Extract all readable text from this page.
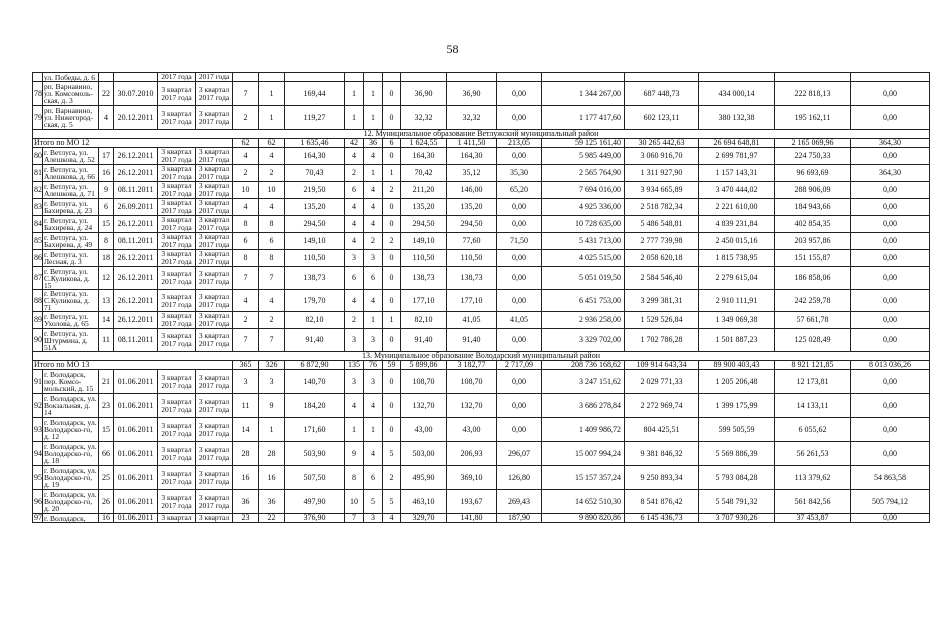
58
	ул. Победы, д. 6			2017 года	2017 года														
78	рп. Варнавино, ул. Комсомоль-ская, д. 3	22	30.07.2010	3 квартал 2017 года	3 квартал 2017 года	7	1	169,44	1	1	0	36,90	36,90	0,00	1 344 267,00	687 448,73	434 000,14	222 818,13	0,00
79	рп. Варнавино, ул. Нижегород-ская, д. 5	4	20.12.2011	3 квартал 2017 года	3 квартал 2017 года	2	1	119,27	1	1	0	32,32	32,32	0,00	1 177 417,60	602 123,11	380 132,38	195 162,11	0,00
12. Муниципальное образование Ветлужский муниципальный район																			
Итого по МО 12						62	62	1 635,46	42	36	6	1 624,55	1 411,50	213,05	59 125 161,40	30 265 442,63	26 694 648,81	2 165 069,96	364,30
80	г. Ветлуга, ул. Алешкова, д. 52	17	26.12.2011	3 квартал 2017 года	3 квартал 2017 года	4	4	164,30	4	4	0	164,30	164,30	0,00	5 985 449,00	3 060 916,70	2 699 781,97	224 750,33	0,00
81	г. Ветлуга, ул. Алешкова, д. 66	16	26.12.2011	3 квартал 2017 года	3 квартал 2017 года	2	2	70,43	2	1	1	70,42	35,12	35,30	2 565 764,90	1 311 927,90	1 157 143,31	96 693,69	364,30
82	г. Ветлуга, ул. Алешкова, д. 71	9	08.11.2011	3 квартал 2017 года	3 квартал 2017 года	10	10	219,50	6	4	2	211,20	146,00	65,20	7 694 016,00	3 934 665,89	3 470 444,02	288 906,09	0,00
83	г. Ветлуга, ул. Бахирева, д. 23	6	26.09.2011	3 квартал 2017 года	3 квартал 2017 года	4	4	135,20	4	4	0	135,20	135,20	0,00	4 925 336,00	2 518 782,34	2 221 610,00	184 943,66	0,00
84	г. Ветлуга, ул. Бахирева, д. 24	15	26.12.2011	3 квартал 2017 года	3 квартал 2017 года	8	8	294,50	4	4	0	294,50	294,50	0,00	10 728 635,00	5 486 548,81	4 839 231,84	402 854,35	0,00
85	г. Ветлуга, ул. Бахирева, д. 49	8	08.11.2011	3 квартал 2017 года	3 квартал 2017 года	6	6	149,10	4	2	2	149,10	77,60	71,50	5 431 713,00	2 777 739,98	2 450 015,16	203 957,86	0,00
86	г. Ветлуга, ул. Лесная, д. 3	18	26.12.2011	3 квартал 2017 года	3 квартал 2017 года	8	8	110,50	3	3	0	110,50	110,50	0,00	4 025 515,00	2 058 620,18	1 815 738,95	151 155,87	0,00
87	г. Ветлуга, ул. С.Куликова, д. 15	12	26.12.2011	3 квартал 2017 года	3 квартал 2017 года	7	7	138,73	6	6	0	138,73	138,73	0,00	5 051 019,50	2 584 546,40	2 279 615,04	186 858,06	0,00
88	г. Ветлуга, ул. С.Куликова, д. 71	13	26.12.2011	3 квартал 2017 года	3 квартал 2017 года	4	4	179,70	4	4	0	177,10	177,10	0,00	6 451 753,00	3 299 381,31	2 910 111,91	242 259,78	0,00
89	г. Ветлуга, ул. Ухолова, д. 65	14	26.12.2011	3 квартал 2017 года	3 квартал 2017 года	2	2	82,10	2	1	1	82,10	41,05	41,05	2 936 258,00	1 529 526,84	1 349 069,38	57 661,78	0,00
90	г. Ветлуга, ул. Штурмина, д. 51А	11	08.11.2011	3 квартал 2017 года	3 квартал 2017 года	7	7	91,40	3	3	0	91,40	91,40	0,00	3 329 702,00	1 702 786,28	1 501 887,23	125 028,49	0,00
13. Муниципальное образование Володарский муниципальный район																			
Итого по МО 13						365	326	6 872,90	135	76	59	5 899,86	3 182,77	2 717,09	208 736 168,62	109 914 643,34	89 900 403,43	8 921 121,85	8 013 036,26
91	г. Володарск, пер. Комсо-мольский, д. 15	21	01.06.2011	3 квартал 2017 года	3 квартал 2017 года	3	3	140,70	3	3	0	108,70	108,70	0,00	3 247 151,62	2 029 771,33	1 205 206,48	12 173,81	0,00
92	г. Володарск, ул. Вокзальная, д. 14	23	01.06.2011	3 квартал 2017 года	3 квартал 2017 года	11	9	184,20	4	4	0	132,70	132,70	0,00	3 686 278,84	2 272 969,74	1 399 175,99	14 133,11	0,00
93	г. Володарск, ул. Володарско-го, д. 12	15	01.06.2011	3 квартал 2017 года	3 квартал 2017 года	14	1	171,60	1	1	0	43,00	43,00	0,00	1 409 986,72	804 425,51	599 505,59	6 055,62	0,00
94	г. Володарск, ул. Володарско-го, д. 18	66	01.06.2011	3 квартал 2017 года	3 квартал 2017 года	28	28	503,90	9	4	5	503,00	206,93	296,07	15 007 994,24	9 381 846,32	5 569 886,39	56 261,53	0,00
95	г. Володарск, ул. Володарско-го, д. 19	25	01.06.2011	3 квартал 2017 года	3 квартал 2017 года	16	16	507,50	8	6	2	495,90	369,10	126,80	15 157 357,24	9 250 893,34	5 793 084,28	113 379,62	54 863,58
96	г. Володарск, ул. Володарско-го, д. 20	26	01.06.2011	3 квартал 2017 года	3 квартал 2017 года	36	36	497,90	10	5	5	463,10	193,67	269,43	14 652 510,30	8 541 876,42	5 548 791,32	561 842,56	505 794,12
97	г. Володарск,	16	01.06.2011	3 квартал	3 квартал	23	22	376,90	7	3	4	329,70	141,80	187,90	9 890 820,86	6 145 436,73	3 707 930,26	37 453,87	0,00
